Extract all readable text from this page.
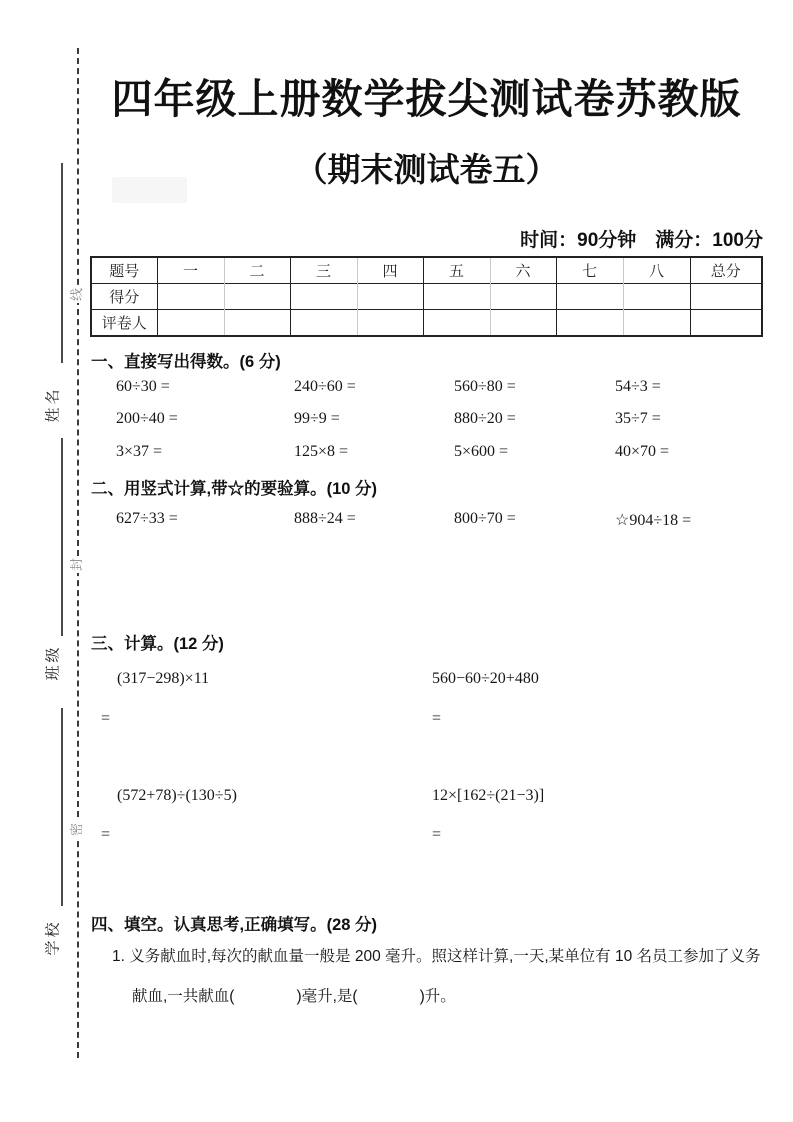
线
封
密
姓名
班级
学校
四年级上册数学拔尖测试卷苏教版
（期末测试卷五）
时间：90分钟　满分：100分
题号	一	二	三	四	五	六	七	八	总分
得分									
评卷人									
一、直接写出得数。(6 分)
60÷30 =	240÷60 =	560÷80 =	54÷3 =
200÷40 =	99÷9 =	880÷20 =	35÷7 =
3×37 =	125×8 =	5×600 =	40×70 =
二、用竖式计算,带☆的要验算。(10 分)
627÷33 =	888÷24 =	800÷70 =	☆904÷18 =
三、计算。(12 分)
(317−298)×11	560−60÷20+480
=	=
(572+78)÷(130÷5)	12×[162÷(21−3)]
=	=
四、填空。认真思考,正确填写。(28 分)
1. 义务献血时,每次的献血量一般是 200 毫升。照这样计算,一天,某单位有 10 名员工参加了义务
献血,一共献血(　　　　)毫升,是(　　　　)升。
